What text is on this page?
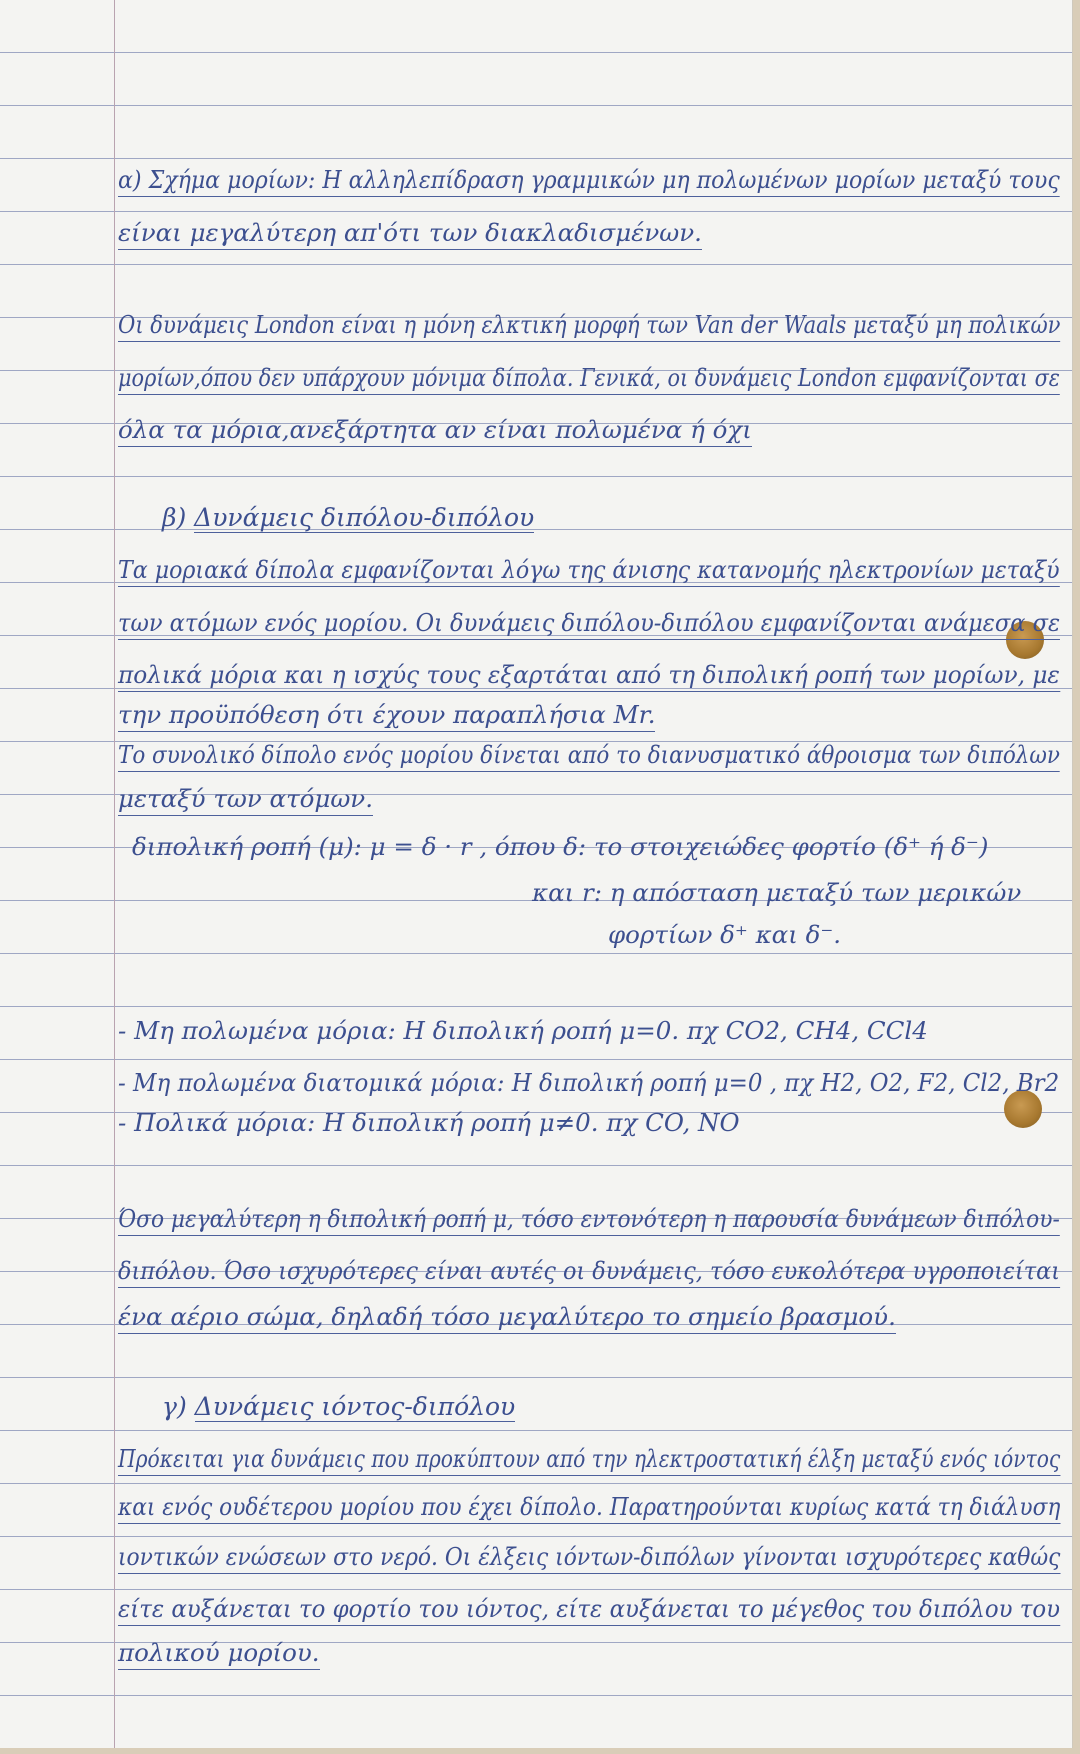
α) Σχήμα μορίων: Η αλληλεπίδραση γραμμικών μη πολωμένων μορίων μεταξύ τους
είναι μεγαλύτερη απ'ότι των διακλαδισμένων.
Οι δυνάμεις London είναι η μόνη ελκτική μορφή των Van der Waals μεταξύ μη πολικών
μορίων,όπου δεν υπάρχουν μόνιμα δίπολα. Γενικά, οι δυνάμεις London εμφανίζονται σε
όλα τα μόρια,ανεξάρτητα αν είναι πολωμένα ή όχι
β) Δυνάμεις διπόλου-διπόλου
Τα μοριακά δίπολα εμφανίζονται λόγω της άνισης κατανομής ηλεκτρονίων μεταξύ
των ατόμων ενός μορίου. Οι δυνάμεις διπόλου-διπόλου εμφανίζονται ανάμεσα σε
πολικά μόρια και η ισχύς τους εξαρτάται από τη διπολική ροπή των μορίων, με
την προϋπόθεση ότι έχουν παραπλήσια Mr.
Το συνολικό δίπολο ενός μορίου δίνεται από το διανυσματικό άθροισμα των διπόλων
μεταξύ των ατόμων.
διπολική ροπή (μ): μ = δ · r , όπου δ: το στοιχειώδες φορτίο (δ⁺ ή δ⁻)
και r: η απόσταση μεταξύ των μερικών
φορτίων δ⁺ και δ⁻.
- Μη πολωμένα μόρια: Η διπολική ροπή μ=0. πχ CO2, CH4, CCl4
- Μη πολωμένα διατομικά μόρια: Η διπολική ροπή μ=0 , πχ H2, O2, F2, Cl2, Br2
- Πολικά μόρια: Η διπολική ροπή μ≠0. πχ CO, NO
Όσο μεγαλύτερη η διπολική ροπή μ, τόσο εντονότερη η παρουσία δυνάμεων διπόλου-
διπόλου. Όσο ισχυρότερες είναι αυτές οι δυνάμεις, τόσο ευκολότερα υγροποιείται
ένα αέριο σώμα, δηλαδή τόσο μεγαλύτερο το σημείο βρασμού.
γ) Δυνάμεις ιόντος-διπόλου
Πρόκειται για δυνάμεις που προκύπτουν από την ηλεκτροστατική έλξη μεταξύ ενός ιόντος
και ενός ουδέτερου μορίου που έχει δίπολο. Παρατηρούνται κυρίως κατά τη διάλυση
ιοντικών ενώσεων στο νερό. Οι έλξεις ιόντων-διπόλων γίνονται ισχυρότερες καθώς
είτε αυξάνεται το φορτίο του ιόντος, είτε αυξάνεται το μέγεθος του διπόλου του
πολικού μορίου.
